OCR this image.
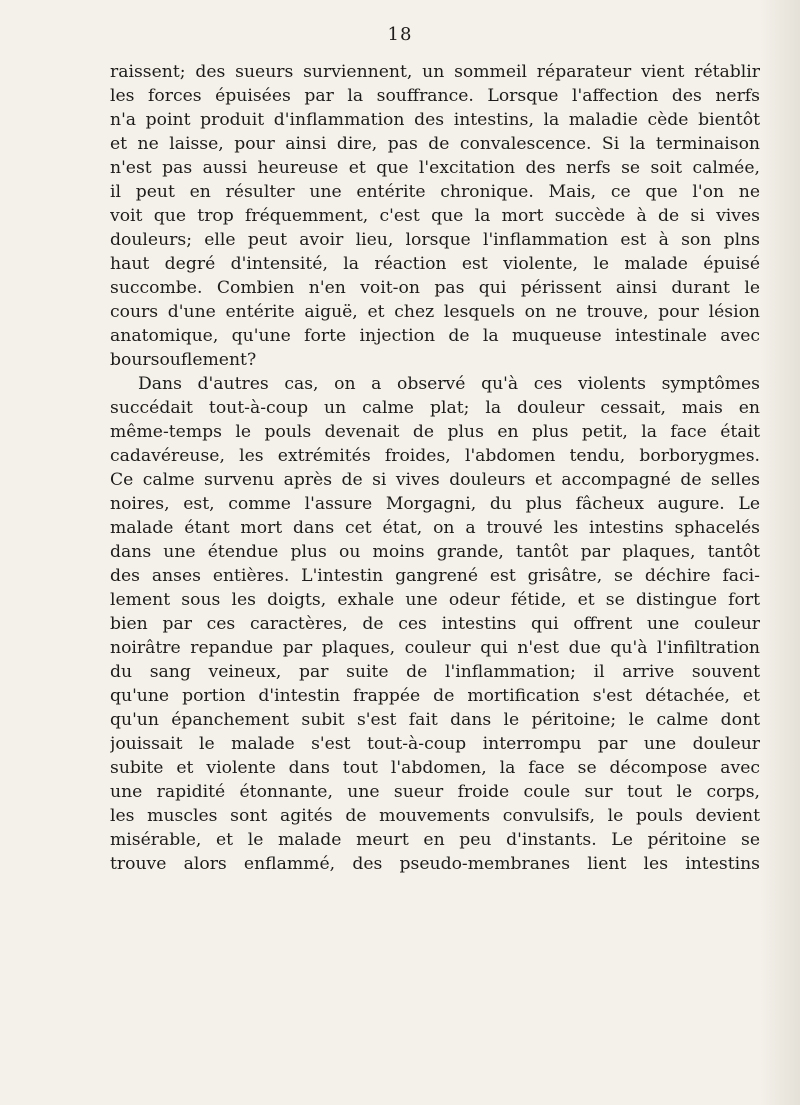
18
raissent; des sueurs surviennent, un sommeil réparateur vient rétablir
les forces épuisées par la souffrance. Lorsque l'affection des nerfs
n'a point produit d'inflammation des intestins, la maladie cède bientôt
et ne laisse, pour ainsi dire, pas de convalescence. Si la terminaison
n'est pas aussi heureuse et que l'excitation des nerfs se soit calmée,
il peut en résulter une entérite chronique. Mais, ce que l'on ne
voit que trop fréquemment, c'est que la mort succède à de si vives
douleurs; elle peut avoir lieu, lorsque l'inflammation est à son plns
haut degré d'intensité, la réaction est violente, le malade épuisé
succombe. Combien n'en voit-on pas qui périssent ainsi durant le
cours d'une entérite aiguë, et chez lesquels on ne trouve, pour lésion
anatomique, qu'une forte injection de la muqueuse intestinale avec
boursouflement?
Dans d'autres cas, on a observé qu'à ces violents symptômes
succédait tout-à-coup un calme plat; la douleur cessait, mais en
même-temps le pouls devenait de plus en plus petit, la face était
cadavéreuse, les extrémités froides, l'abdomen tendu, borborygmes.
Ce calme survenu après de si vives douleurs et accompagné de selles
noires, est, comme l'assure Morgagni, du plus fâcheux augure. Le
malade étant mort dans cet état, on a trouvé les intestins sphacelés
dans une étendue plus ou moins grande, tantôt par plaques, tantôt
des anses entières. L'intestin gangrené est grisâtre, se déchire faci-
lement sous les doigts, exhale une odeur fétide, et se distingue fort
bien par ces caractères, de ces intestins qui offrent une couleur
noirâtre repandue par plaques, couleur qui n'est due qu'à l'infiltration
du sang veineux, par suite de l'inflammation; il arrive souvent
qu'une portion d'intestin frappée de mortification s'est détachée, et
qu'un épanchement subit s'est fait dans le péritoine; le calme dont
jouissait le malade s'est tout-à-coup interrompu par une douleur
subite et violente dans tout l'abdomen, la face se décompose avec
une rapidité étonnante, une sueur froide coule sur tout le corps,
les muscles sont agités de mouvements convulsifs, le pouls devient
misérable, et le malade meurt en peu d'instants. Le péritoine se
trouve alors enflammé, des pseudo-membranes lient les intestins
